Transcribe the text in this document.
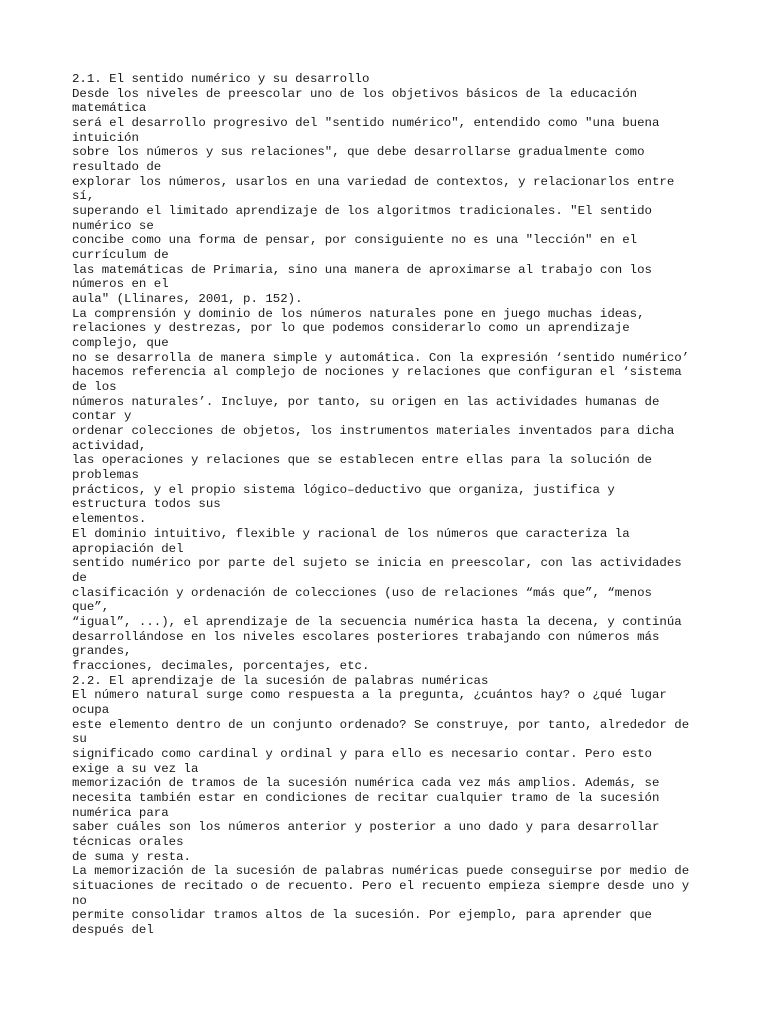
2.1. El sentido numérico y su desarrollo
Desde los niveles de preescolar uno de los objetivos básicos de la educación
matemática
será el desarrollo progresivo del "sentido numérico", entendido como "una buena
intuición
sobre los números y sus relaciones", que debe desarrollarse gradualmente como
resultado de
explorar los números, usarlos en una variedad de contextos, y relacionarlos entre
sí,
superando el limitado aprendizaje de los algoritmos tradicionales. "El sentido
numérico se
concibe como una forma de pensar, por consiguiente no es una "lección" en el
currículum de
las matemáticas de Primaria, sino una manera de aproximarse al trabajo con los
números en el
aula" (Llinares, 2001, p. 152).
La comprensión y dominio de los números naturales pone en juego muchas ideas,
relaciones y destrezas, por lo que podemos considerarlo como un aprendizaje
complejo, que
no se desarrolla de manera simple y automática. Con la expresión ‘sentido numérico’
hacemos referencia al complejo de nociones y relaciones que configuran el ‘sistema
de los
números naturales’. Incluye, por tanto, su origen en las actividades humanas de
contar y
ordenar colecciones de objetos, los instrumentos materiales inventados para dicha
actividad,
las operaciones y relaciones que se establecen entre ellas para la solución de
problemas
prácticos, y el propio sistema lógico–deductivo que organiza, justifica y
estructura todos sus
elementos.
El dominio intuitivo, flexible y racional de los números que caracteriza la
apropiación del
sentido numérico por parte del sujeto se inicia en preescolar, con las actividades
de
clasificación y ordenación de colecciones (uso de relaciones “más que”, “menos
que”,
“igual”, ...), el aprendizaje de la secuencia numérica hasta la decena, y continúa
desarrollándose en los niveles escolares posteriores trabajando con números más
grandes,
fracciones, decimales, porcentajes, etc.
2.2. El aprendizaje de la sucesión de palabras numéricas
El número natural surge como respuesta a la pregunta, ¿cuántos hay? o ¿qué lugar
ocupa
este elemento dentro de un conjunto ordenado? Se construye, por tanto, alrededor de
su
significado como cardinal y ordinal y para ello es necesario contar. Pero esto
exige a su vez la
memorización de tramos de la sucesión numérica cada vez más amplios. Además, se
necesita también estar en condiciones de recitar cualquier tramo de la sucesión
numérica para
saber cuáles son los números anterior y posterior a uno dado y para desarrollar
técnicas orales
de suma y resta.
La memorización de la sucesión de palabras numéricas puede conseguirse por medio de
situaciones de recitado o de recuento. Pero el recuento empieza siempre desde uno y
no
permite consolidar tramos altos de la sucesión. Por ejemplo, para aprender que
después del
